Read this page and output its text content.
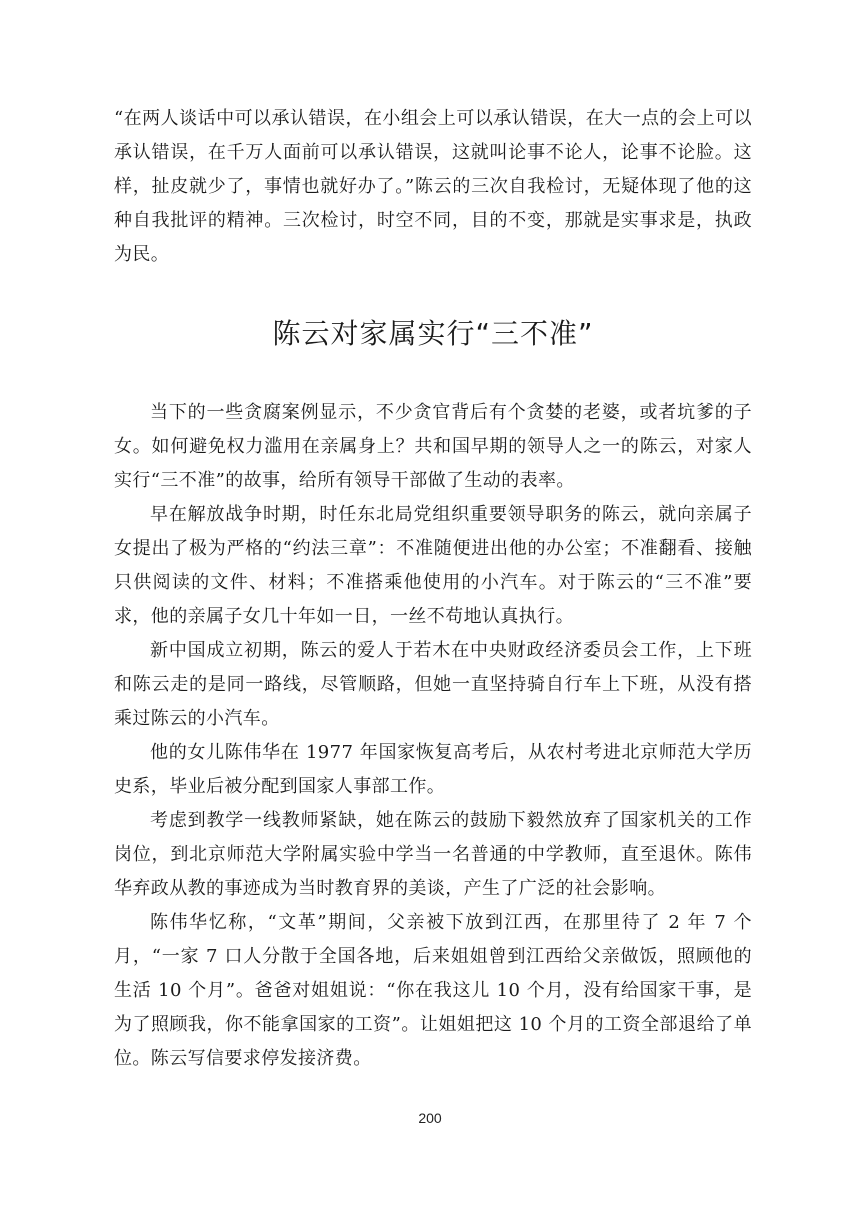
“在两人谈话中可以承认错误，在小组会上可以承认错误，在大一点的会上可以承认错误，在千万人面前可以承认错误，这就叫论事不论人，论事不论脸。这样，扯皮就少了，事情也就好办了。”陈云的三次自我检讨，无疑体现了他的这种自我批评的精神。三次检讨，时空不同，目的不变，那就是实事求是，执政为民。

陈云对家属实行“三不准”

当下的一些贪腐案例显示，不少贪官背后有个贪婪的老婆，或者坑爹的子女。如何避免权力滥用在亲属身上？共和国早期的领导人之一的陈云，对家人实行“三不准”的故事，给所有领导干部做了生动的表率。

早在解放战争时期，时任东北局党组织重要领导职务的陈云，就向亲属子女提出了极为严格的“约法三章”：不准随便进出他的办公室；不准翻看、接触只供阅读的文件、材料；不准搭乘他使用的小汽车。对于陈云的“三不准”要求，他的亲属子女几十年如一日，一丝不苟地认真执行。

新中国成立初期，陈云的爱人于若木在中央财政经济委员会工作，上下班和陈云走的是同一路线，尽管顺路，但她一直坚持骑自行车上下班，从没有搭乘过陈云的小汽车。

他的女儿陈伟华在 1977 年国家恢复高考后，从农村考进北京师范大学历史系，毕业后被分配到国家人事部工作。

考虑到教学一线教师紧缺，她在陈云的鼓励下毅然放弃了国家机关的工作岗位，到北京师范大学附属实验中学当一名普通的中学教师，直至退休。陈伟华弃政从教的事迹成为当时教育界的美谈，产生了广泛的社会影响。

陈伟华忆称，“文革”期间，父亲被下放到江西，在那里待了 2 年 7 个月，“一家 7 口人分散于全国各地，后来姐姐曾到江西给父亲做饭，照顾他的生活 10 个月”。爸爸对姐姐说：“你在我这儿 10 个月，没有给国家干事，是为了照顾我，你不能拿国家的工资”。让姐姐把这 10 个月的工资全部退给了单位。陈云写信要求停发接济费。

200
